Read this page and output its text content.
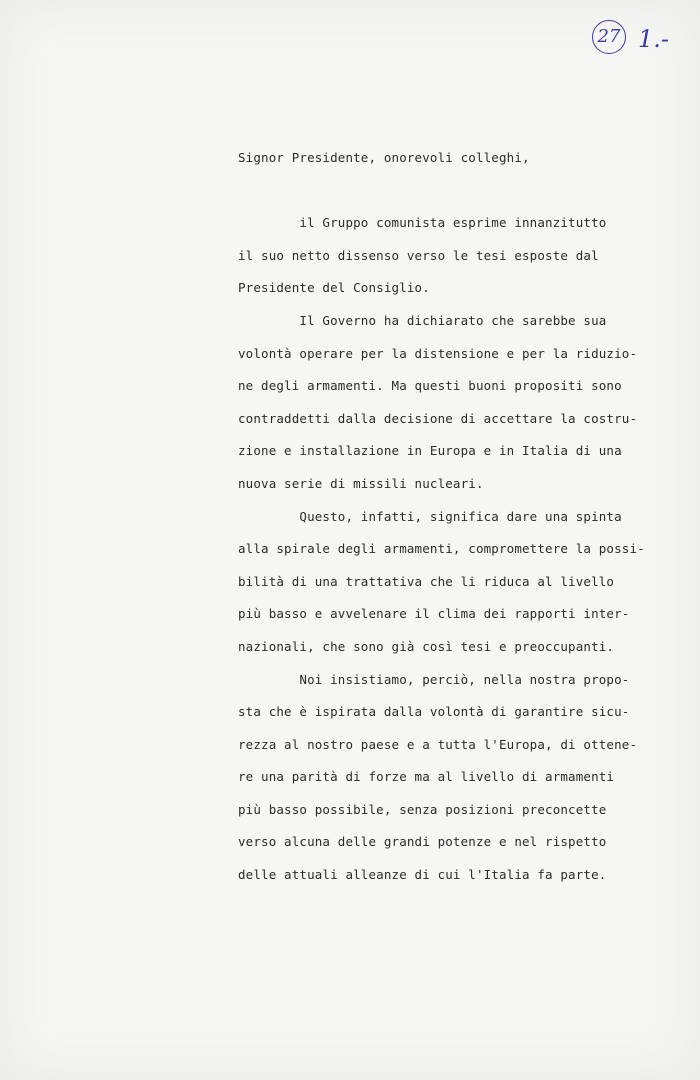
27 1.-
Signor Presidente, onorevoli colleghi,
il Gruppo comunista esprime innanzitutto
il suo netto dissenso verso le tesi esposte dal
Presidente del Consiglio.
Il Governo ha dichiarato che sarebbe sua
volontà operare per la distensione e per la riduzio-
ne degli armamenti. Ma questi buoni propositi sono
contraddetti dalla decisione di accettare la costru-
zione e installazione in Europa e in Italia di una
nuova serie di missili nucleari.
Questo, infatti, significa dare una spinta
alla spirale degli armamenti, compromettere la possi-
bilità di una trattativa che li riduca al livello
più basso e avvelenare il clima dei rapporti inter-
nazionali, che sono già così tesi e preoccupanti.
Noi insistiamo, perciò, nella nostra propo-
sta che è ispirata dalla volontà di garantire sicu-
rezza al nostro paese e a tutta l'Europa, di ottene-
re una parità di forze ma al livello di armamenti
più basso possibile, senza posizioni preconcette
verso alcuna delle grandi potenze e nel rispetto
delle attuali alleanze di cui l'Italia fa parte.
